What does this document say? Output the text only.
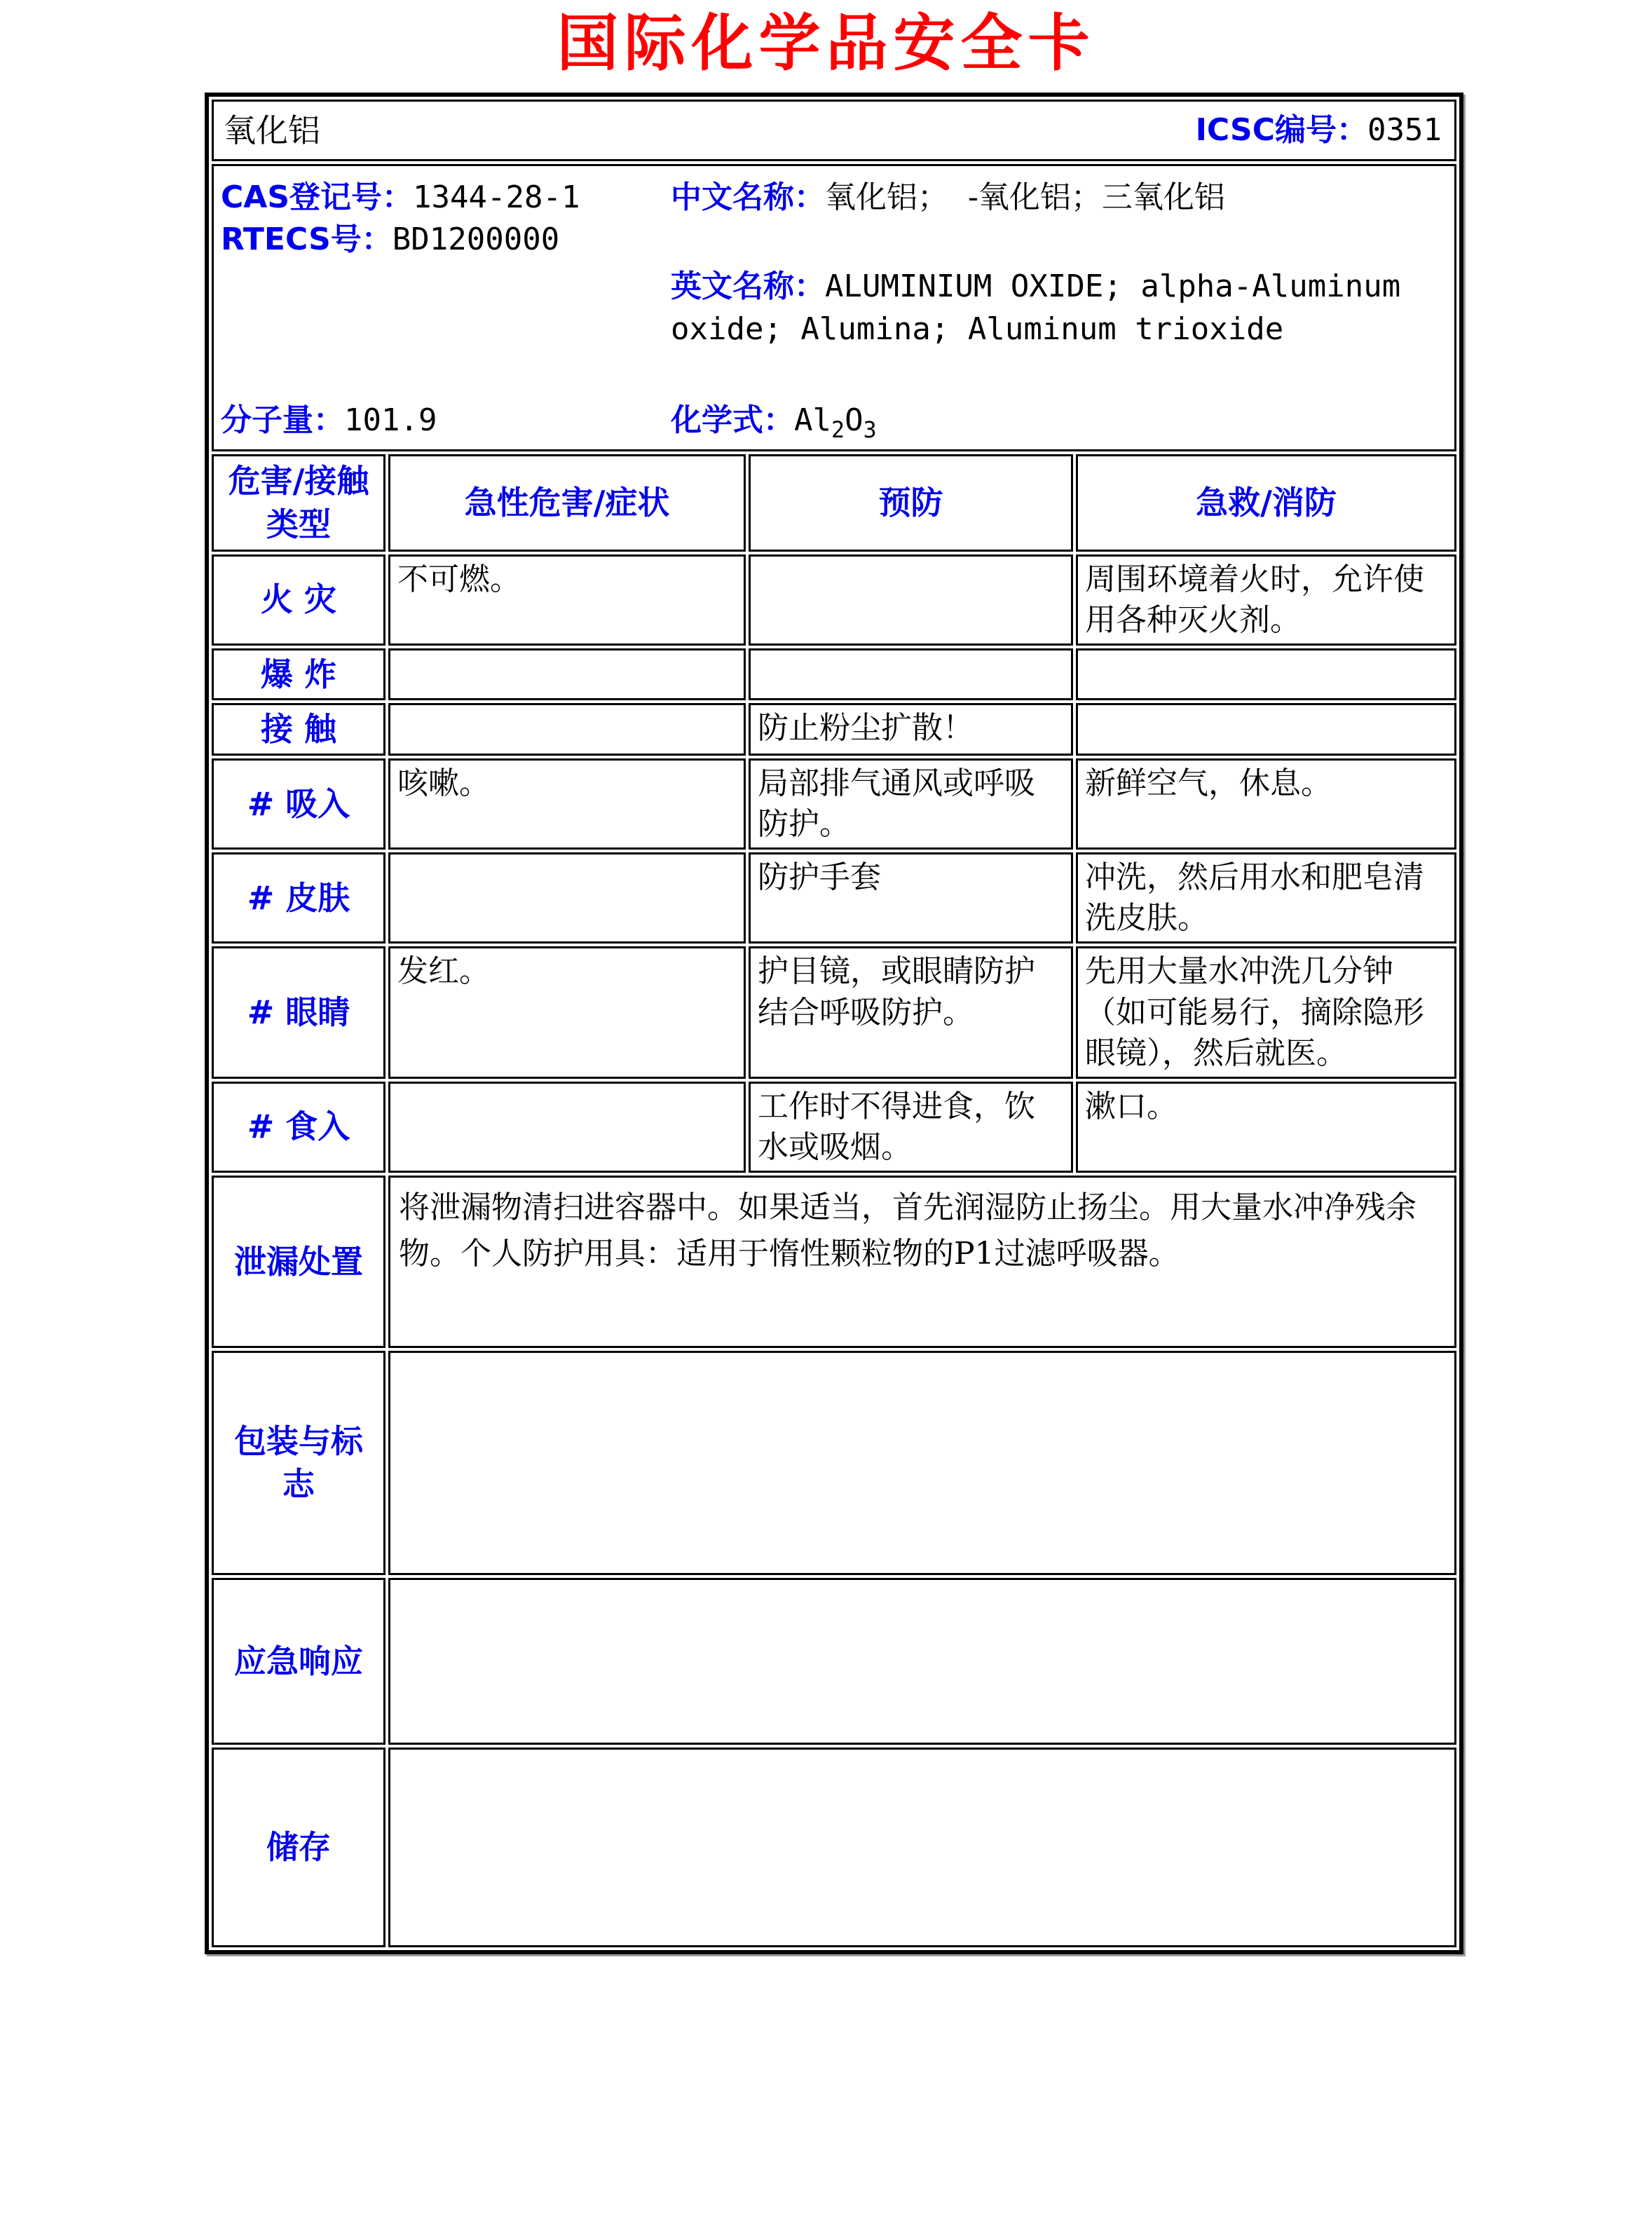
国际化学品安全卡
氧化铝 ICSC编号：0351			

CAS登记号：1344-28-1
RTECS号：BD1200000
中文名称：氧化铝；  -氧化铝；三氧化铝
英文名称：ALUMINIUM OXIDE; alpha-Aluminum
oxide; Alumina; Aluminum trioxide
分子量：101.9	化学式：$Al_2O_3$

危害/接触
类型	急性危害/症状	预防	急救/消防
火 灾	不可燃。		周围环境着火时，允许使用各种灭火剂。
爆 炸			
接 触		防止粉尘扩散！	
# 吸入	咳嗽。	局部排气通风或呼吸防护。	新鲜空气，休息。
# 皮肤		防护手套	冲洗，然后用水和肥皂清洗皮肤。
# 眼睛	发红。	护目镜，或眼睛防护结合呼吸防护。	先用大量水冲洗几分钟（如可能易行，摘除隐形眼镜），然后就医。
# 食入		工作时不得进食，饮水或吸烟。	漱口。
泄漏处置	将泄漏物清扫进容器中。如果适当，首先润湿防止扬尘。用大量水冲净残余物。个人防护用具：适用于惰性颗粒物的P1过滤呼吸器。		
包装与标志			
应急响应			
储存			
